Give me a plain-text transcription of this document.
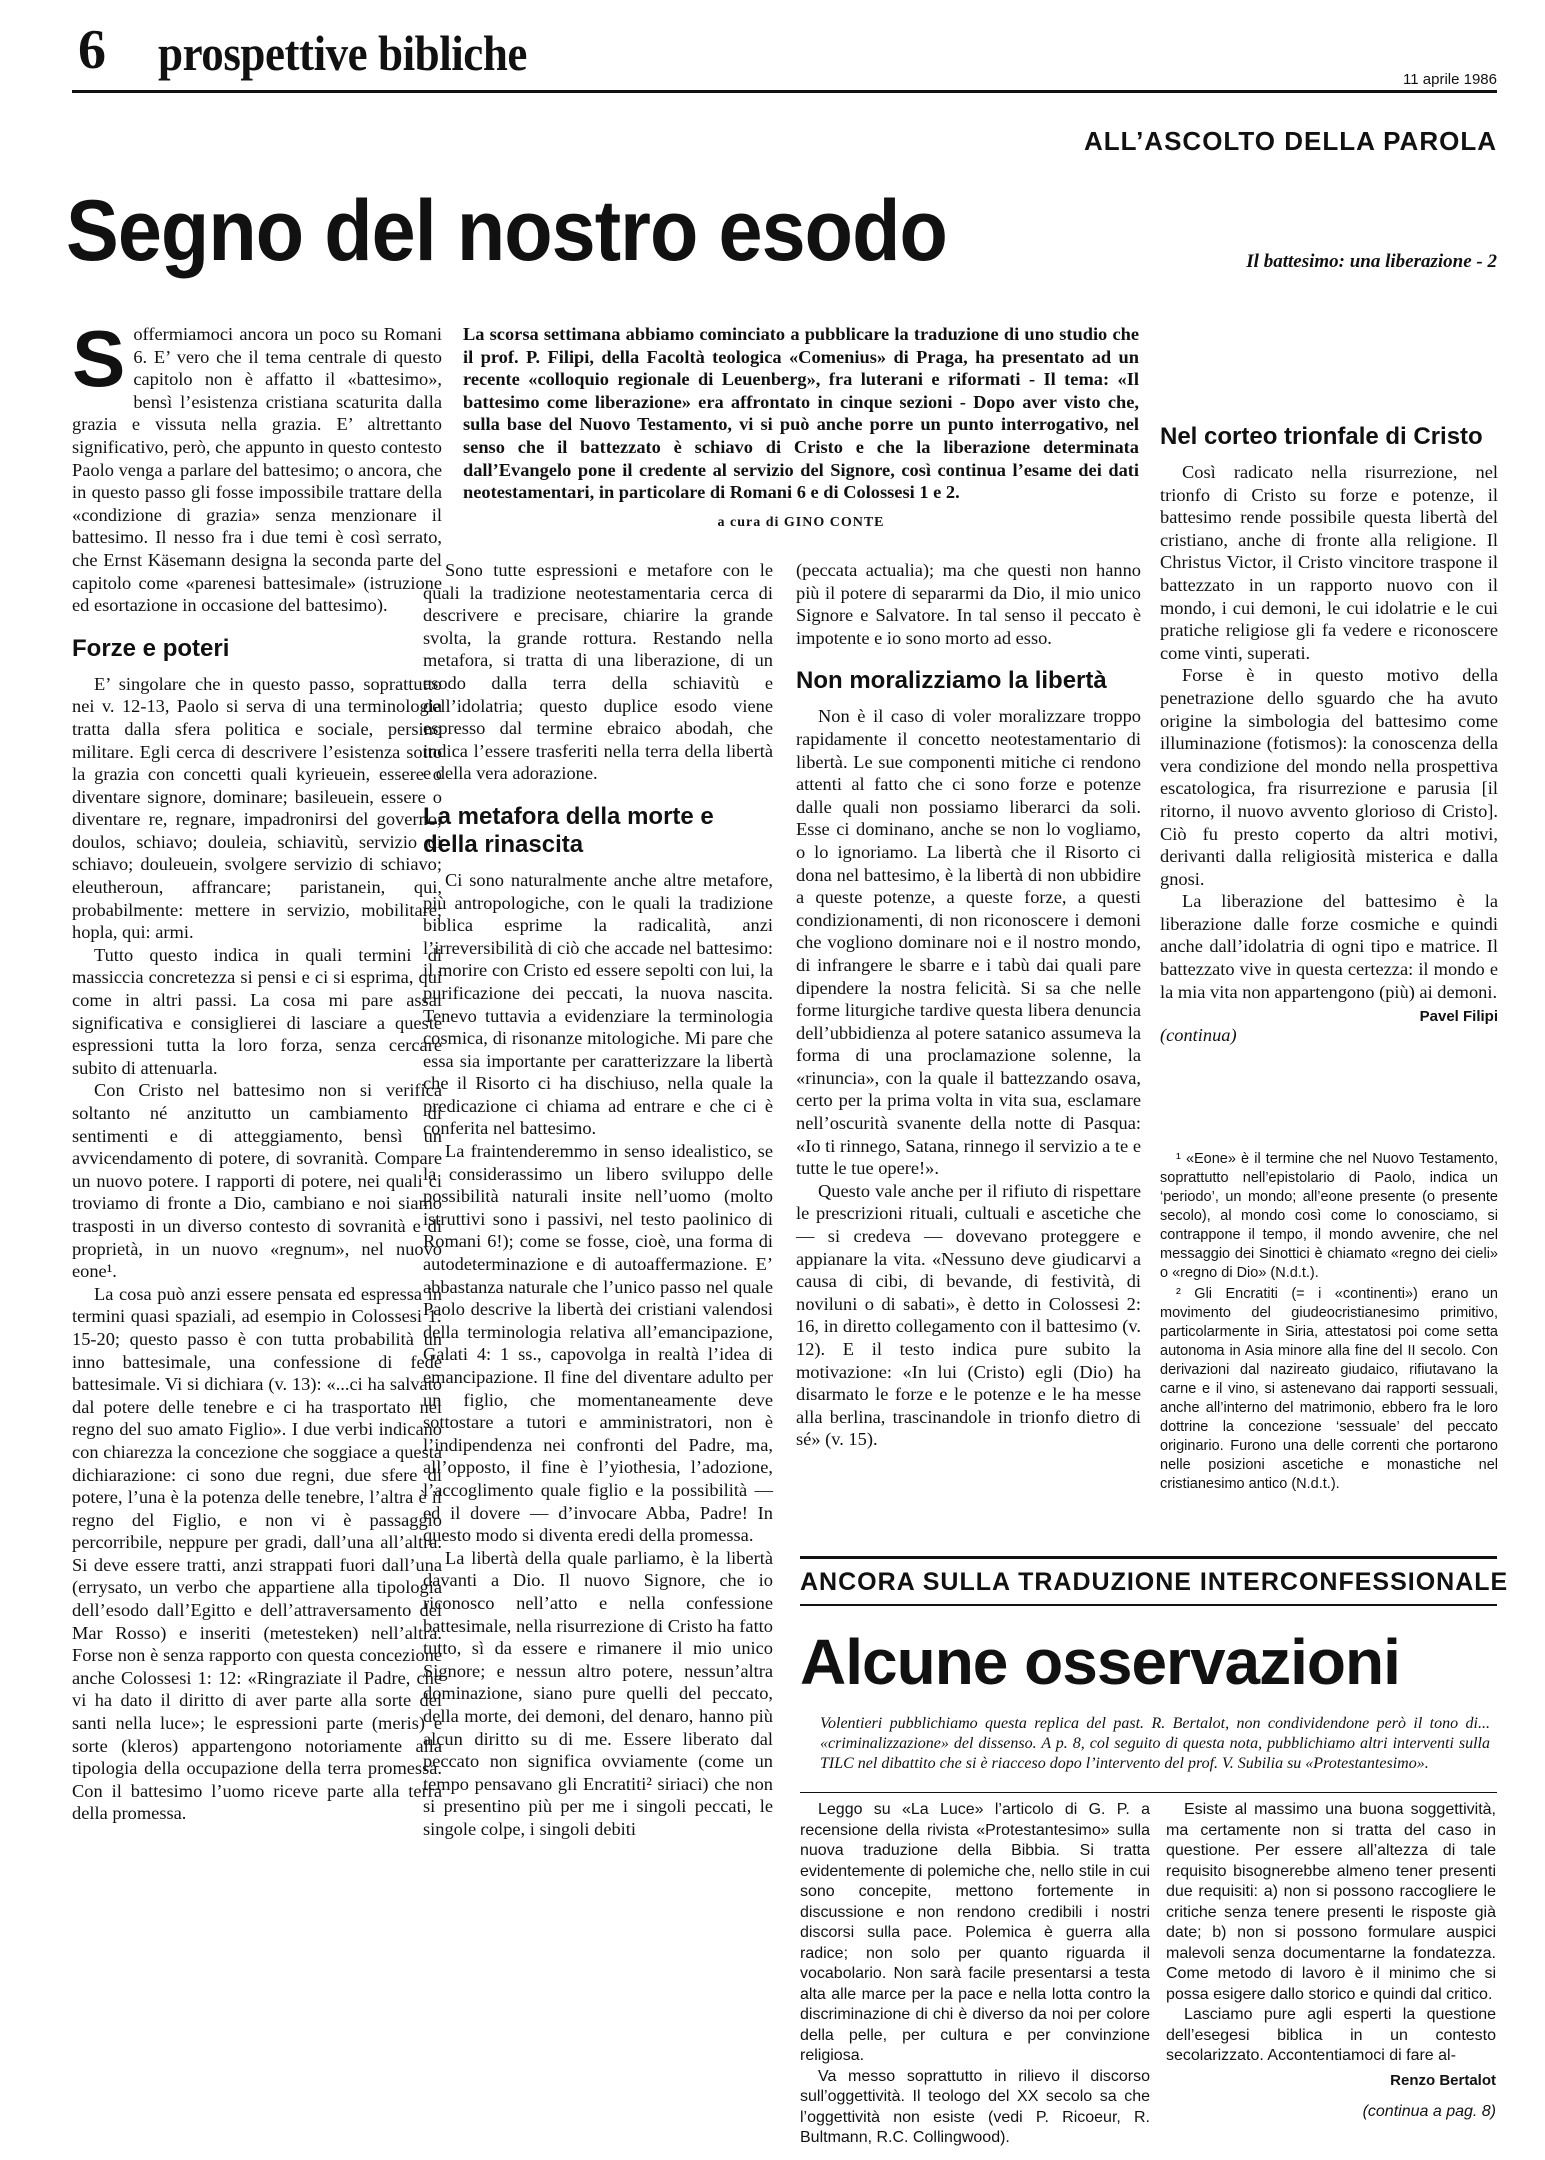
6 prospettive bibliche	11 aprile 1986
ALL’ASCOLTO DELLA PAROLA
Segno del nostro esodo	Il battesimo: una liberazione - 2

La scorsa settimana abbiamo cominciato a pubblicare la traduzione di uno studio che il prof. P. Filipi, della Facoltà teologica «Comenius» di Praga, ha presentato ad un recente «colloquio regionale di Leuenberg», fra luterani e riformati - Il tema: «Il battesimo come liberazione» era affrontato in cinque sezioni - Dopo aver visto che, sulla base del Nuovo Testamento, vi si può anche porre un punto interrogativo, nel senso che il battezzato è schiavo di Cristo e che la liberazione determinata dall’Evangelo pone il credente al servizio del Signore, così continua l’esame dei dati neotestamentari, in particolare di Romani 6 e di Colossesi 1 e 2.

a cura di GINO CONTE

S offermiamoci ancora un poco su Romani 6. E’ vero che il tema centrale di questo capitolo non è affatto il «battesimo», bensì l’esistenza cristiana scaturita dalla grazia e vissuta nella grazia. E’ altrettanto significativo, però, che appunto in questo contesto Paolo venga a parlare del battesimo; o ancora, che in questo passo gli fosse impossibile trattare della «condizione di grazia» senza menzionare il battesimo. Il nesso fra i due temi è così serrato, che Ernst Käsemann designa la seconda parte del capitolo come «parenesi battesimale» (istruzione ed esortazione in occasione del battesimo).

Forze e poteri

E’ singolare che in questo passo, soprattutto nei v. 12-13, Paolo si serva di una terminologia tratta dalla sfera politica e sociale, persino militare. Egli cerca di descrivere l’esistenza sotto la grazia con concetti quali kyrieuein, essere o diventare signore, dominare; basileuein, essere o diventare re, regnare, impadronirsi del governo; doulos, schiavo; douleia, schiavitù, servizio di schiavo; douleuein, svolgere servizio di schiavo; eleutheroun, affrancare; paristanein, qui, probabilmente: mettere in servizio, mobilitare; hopla, qui: armi.

Tutto questo indica in quali termini di massiccia concretezza si pensi e ci si esprima, qui come in altri passi. La cosa mi pare assai significativa e consiglierei di lasciare a queste espressioni tutta la loro forza, senza cercare subito di attenuarla.

Con Cristo nel battesimo non si verifica soltanto né anzitutto un cambiamento di sentimenti e di atteggiamento, bensì un avvicendamento di potere, di sovranità. Compare un nuovo potere. I rapporti di potere, nei quali ci troviamo di fronte a Dio, cambiano e noi siamo trasposti in un diverso contesto di sovranità e di proprietà, in un nuovo «regnum», nel nuovo eone¹.

La cosa può anzi essere pensata ed espressa in termini quasi spaziali, ad esempio in Colossesi 1: 15-20; questo passo è con tutta probabilità un inno battesimale, una confessione di fede battesimale. Vi si dichiara (v. 13): «...ci ha salvato dal potere delle tenebre e ci ha trasportato nel regno del suo amato Figlio». I due verbi indicano con chiarezza la concezione che soggiace a questa dichiarazione: ci sono due regni, due sfere di potere, l’una è la potenza delle tenebre, l’altra è il regno del Figlio, e non vi è passaggio percorribile, neppure per gradi, dall’una all’altra. Si deve essere tratti, anzi strappati fuori dall’una (errysato, un verbo che appartiene alla tipologia dell’esodo dall’Egitto e dell’attraversamento del Mar Rosso) e inseriti (metesteken) nell’altra. Forse non è senza rapporto con questa concezione anche Colossesi 1: 12: «Ringraziate il Padre, che vi ha dato il diritto di aver parte alla sorte dei santi nella luce»; le espressioni parte (meris) e sorte (kleros) appartengono notoriamente alla tipologia della occupazione della terra promessa. Con il battesimo l’uomo riceve parte alla terra della promessa.

Sono tutte espressioni e metafore con le quali la tradizione neotestamentaria cerca di descrivere e precisare, chiarire la grande svolta, la grande rottura. Restando nella metafora, si tratta di una liberazione, di un esodo dalla terra della schiavitù e dell’idolatria; questo duplice esodo viene espresso dal termine ebraico abodah, che indica l’essere trasferiti nella terra della libertà e della vera adorazione.

La metafora della morte e della rinascita

Ci sono naturalmente anche altre metafore, più antropologiche, con le quali la tradizione biblica esprime la radicalità, anzi l’irreversibilità di ciò che accade nel battesimo: il morire con Cristo ed essere sepolti con lui, la purificazione dei peccati, la nuova nascita. Tenevo tuttavia a evidenziare la terminologia cosmica, di risonanze mitologiche. Mi pare che essa sia importante per caratterizzare la libertà che il Risorto ci ha dischiuso, nella quale la predicazione ci chiama ad entrare e che ci è conferita nel battesimo.

La fraintenderemmo in senso idealistico, se la considerassimo un libero sviluppo delle possibilità naturali insite nell’uomo (molto istruttivi sono i passivi, nel testo paolinico di Romani 6!); come se fosse, cioè, una forma di autodeterminazione e di autoaffermazione. E’ abbastanza naturale che l’unico passo nel quale Paolo descrive la libertà dei cristiani valendosi della terminologia relativa all’emancipazione, Galati 4: 1 ss., capovolga in realtà l’idea di emancipazione. Il fine del diventare adulto per un figlio, che momentaneamente deve sottostare a tutori e amministratori, non è l’indipendenza nei confronti del Padre, ma, all’opposto, il fine è l’yiothesia, l’adozione, l’accoglimento quale figlio e la possibilità — ed il dovere — d’invocare Abba, Padre! In questo modo si diventa eredi della promessa.

La libertà della quale parliamo, è la libertà davanti a Dio. Il nuovo Signore, che io riconosco nell’atto e nella confessione battesimale, nella risurrezione di Cristo ha fatto tutto, sì da essere e rimanere il mio unico Signore; e nessun altro potere, nessun’altra dominazione, siano pure quelli del peccato, della morte, dei demoni, del denaro, hanno più alcun diritto su di me. Essere liberato dal peccato non significa ovviamente (come un tempo pensavano gli Encratiti² siriaci) che non si presentino più per me i singoli peccati, le singole colpe, i singoli debiti

(peccata actualia); ma che questi non hanno più il potere di separarmi da Dio, il mio unico Signore e Salvatore. In tal senso il peccato è impotente e io sono morto ad esso.

Non moralizziamo la libertà

Non è il caso di voler moralizzare troppo rapidamente il concetto neotestamentario di libertà. Le sue componenti mitiche ci rendono attenti al fatto che ci sono forze e potenze dalle quali non possiamo liberarci da soli. Esse ci dominano, anche se non lo vogliamo, o lo ignoriamo. La libertà che il Risorto ci dona nel battesimo, è la libertà di non ubbidire a queste potenze, a queste forze, a questi condizionamenti, di non riconoscere i demoni che vogliono dominare noi e il nostro mondo, di infrangere le sbarre e i tabù dai quali pare dipendere la nostra felicità. Si sa che nelle forme liturgiche tardive questa libera denuncia dell’ubbidienza al potere satanico assumeva la forma di una proclamazione solenne, la «rinuncia», con la quale il battezzando osava, certo per la prima volta in vita sua, esclamare nell’oscurità svanente della notte di Pasqua: «Io ti rinnego, Satana, rinnego il servizio a te e tutte le tue opere!».

Questo vale anche per il rifiuto di rispettare le prescrizioni rituali, cultuali e ascetiche che — si credeva — dovevano proteggere e appianare la vita. «Nessuno deve giudicarvi a causa di cibi, di bevande, di festività, di noviluni o di sabati», è detto in Colossesi 2: 16, in diretto collegamento con il battesimo (v. 12). E il testo indica pure subito la motivazione: «In lui (Cristo) egli (Dio) ha disarmato le forze e le potenze e le ha messe alla berlina, trascinandole in trionfo dietro di sé» (v. 15).

Nel corteo trionfale di Cristo

Così radicato nella risurrezione, nel trionfo di Cristo su forze e potenze, il battesimo rende possibile questa libertà del cristiano, anche di fronte alla religione. Il Christus Victor, il Cristo vincitore traspone il battezzato in un rapporto nuovo con il mondo, i cui demoni, le cui idolatrie e le cui pratiche religiose gli fa vedere e riconoscere come vinti, superati.

Forse è in questo motivo della penetrazione dello sguardo che ha avuto origine la simbologia del battesimo come illuminazione (fotismos): la conoscenza della vera condizione del mondo nella prospettiva escatologica, fra risurrezione e parusia [il ritorno, il nuovo avvento glorioso di Cristo]. Ciò fu presto coperto da altri motivi, derivanti dalla religiosità misterica e dalla gnosi.

La liberazione del battesimo è la liberazione dalle forze cosmiche e quindi anche dall’idolatria di ogni tipo e matrice. Il battezzato vive in questa certezza: il mondo e la mia vita non appartengono (più) ai demoni.

Pavel Filipi

(continua)

¹ «Eone» è il termine che nel Nuovo Testamento, soprattutto nell’epistolario di Paolo, indica un ‘periodo’, un mondo; all’eone presente (o presente secolo), al mondo così come lo conosciamo, si contrappone il tempo, il mondo avvenire, che nel messaggio dei Sinottici è chiamato «regno dei cieli» o «regno di Dio» (N.d.t.).

² Gli Encratiti (= i «continenti») erano un movimento del giudeocristianesimo primitivo, particolarmente in Siria, attestatosi poi come setta autonoma in Asia minore alla fine del II secolo. Con derivazioni dal nazireato giudaico, rifiutavano la carne e il vino, si astenevano dai rapporti sessuali, anche all’interno del matrimonio, ebbero fra le loro dottrine la concezione ‘sessuale’ del peccato originario. Furono una delle correnti che portarono nelle posizioni ascetiche e monastiche nel cristianesimo antico (N.d.t.).

ANCORA SULLA TRADUZIONE INTERCONFESSIONALE
Alcune osservazioni
Volentieri pubblichiamo questa replica del past. R. Bertalot, non condividendone però il tono di... «criminalizzazione» del dissenso. A p. 8, col seguito di questa nota, pubblichiamo altri interventi sulla TILC nel dibattito che si è riacceso dopo l’intervento del prof. V. Subilia su «Protestantesimo».

Leggo su «La Luce» l’articolo di G. P. a recensione della rivista «Protestantesimo» sulla nuova traduzione della Bibbia. Si tratta evidentemente di polemiche che, nello stile in cui sono concepite, mettono fortemente in discussione e non rendono credibili i nostri discorsi sulla pace. Polemica è guerra alla radice; non solo per quanto riguarda il vocabolario. Non sarà facile presentarsi a testa alta alle marce per la pace e nella lotta contro la discriminazione di chi è diverso da noi per colore della pelle, per cultura e per convinzione religiosa.

Va messo soprattutto in rilievo il discorso sull’oggettività. Il teologo del XX secolo sa che l’oggettività non esiste (vedi P. Ricoeur, R. Bultmann, R.C. Collingwood).

Esiste al massimo una buona soggettività, ma certamente non si tratta del caso in questione. Per essere all’altezza di tale requisito bisognerebbe almeno tener presenti due requisiti: a) non si possono raccogliere le critiche senza tenere presenti le risposte già date; b) non si possono formulare auspici malevoli senza documentarne la fondatezza. Come metodo di lavoro è il minimo che si possa esigere dallo storico e quindi dal critico.

Lasciamo pure agli esperti la questione dell’esegesi biblica in un contesto secolarizzato. Accontentiamoci di fare al-

Renzo Bertalot

(continua a pag. 8)
